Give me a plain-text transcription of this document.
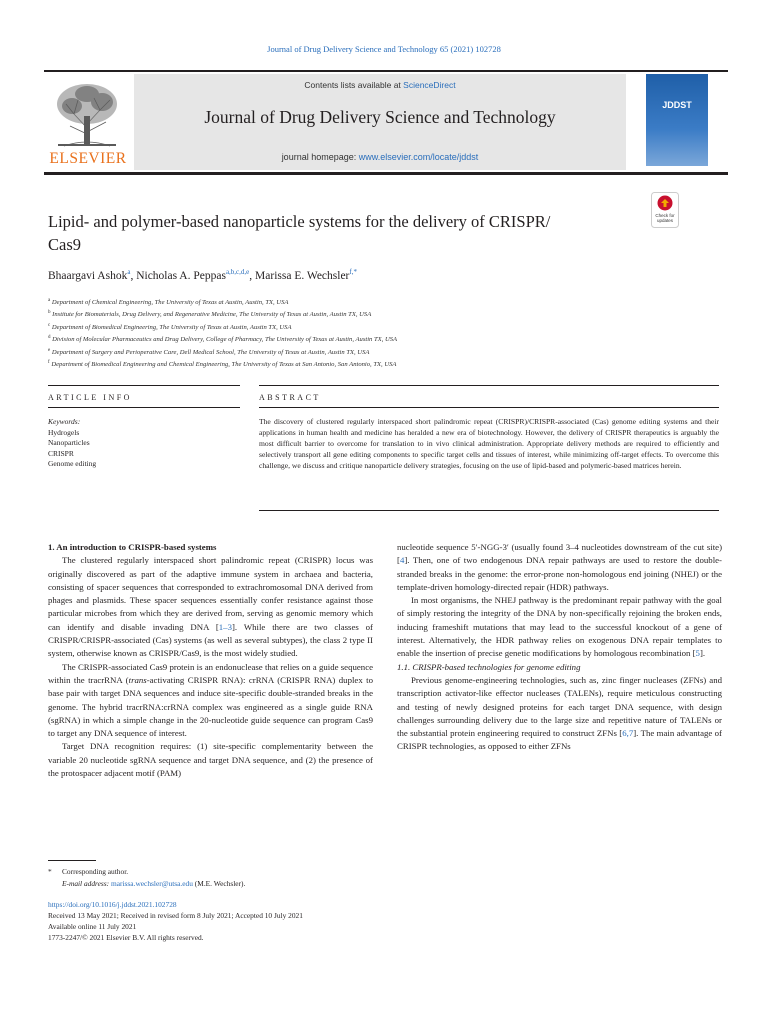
Journal of Drug Delivery Science and Technology 65 (2021) 102728
ELSEVIER
Contents lists available at ScienceDirect
Journal of Drug Delivery Science and Technology
journal homepage: www.elsevier.com/locate/jddst
JDDST
Check for updates
Lipid- and polymer-based nanoparticle systems for the delivery of CRISPR/
Cas9
Bhaargavi Ashok$^a$, Nicholas A. Peppas$^{a,b,c,d,e}$, Marissa E. Wechsler$^{f,*}$
$^a$ Department of Chemical Engineering, The University of Texas at Austin, Austin, TX, USA
$^b$ Institute for Biomaterials, Drug Delivery, and Regenerative Medicine, The University of Texas at Austin, Austin TX, USA
$^c$ Department of Biomedical Engineering, The University of Texas at Austin, Austin TX, USA
$^d$ Division of Molecular Pharmaceutics and Drug Delivery, College of Pharmacy, The University of Texas at Austin, Austin TX, USA
$^e$ Department of Surgery and Perioperative Care, Dell Medical School, The University of Texas at Austin, Austin TX, USA
$^f$ Department of Biomedical Engineering and Chemical Engineering, The University of Texas at San Antonio, San Antonio, TX, USA
ARTICLE INFO	ABSTRACT
Keywords:
Hydrogels
Nanoparticles
CRISPR
Genome editing
The discovery of clustered regularly interspaced short palindromic repeat (CRISPR)/CRISPR-associated (Cas) genome editing systems and their applications in human health and medicine has heralded a new era of biotechnology. However, the delivery of CRISPR therapeutics is arguably the most difficult barrier to overcome for translation to in vivo clinical administration. Appropriate delivery methods are required to efficiently and selectively transport all gene editing components to specific target cells and tissues of interest, while minimizing off-target effects. To overcome this challenge, we discuss and critique nanoparticle delivery strategies, focusing on the use of lipid-based and polymeric-based matrices herein.

1. An introduction to CRISPR-based systems

The clustered regularly interspaced short palindromic repeat (CRISPR) locus was originally discovered as part of the adaptive immune system in archaea and bacteria, consisting of spacer sequences that corresponded to extrachromosomal DNA derived from phages and plasmids. These spacer sequences essentially confer resistance against those particular microbes from which they are derived from, serving as genomic memory which can identify and disable invading DNA [1–3]. While there are two classes of CRISPR/CRISPR-associated (Cas) systems (as well as several subtypes), the class 2 type II system, otherwise known as CRISPR/Cas9, is the most widely studied.

The CRISPR-associated Cas9 protein is an endonuclease that relies on a guide sequence within the tracrRNA (trans-activating CRISPR RNA): crRNA (CRISPR RNA) duplex to base pair with target DNA sequences and induce site-specific double-stranded breaks in the genome. The hybrid tracrRNA:crRNA complex was engineered as a single guide RNA (sgRNA) in which a simple change in the 20-nucleotide guide sequence can program Cas9 to target any DNA sequence of interest.

Target DNA recognition requires: (1) site-specific complementarity between the variable 20 nucleotide sgRNA sequence and target DNA sequence, and (2) the presence of the protospacer adjacent motif (PAM)

nucleotide sequence 5′-NGG-3′ (usually found 3–4 nucleotides downstream of the cut site) [4]. Then, one of two endogenous DNA repair pathways are used to restore the double-stranded breaks in the genome: the error-prone non-homologous end joining (NHEJ) or the template-driven homology-directed repair (HDR) pathways.

In most organisms, the NHEJ pathway is the predominant repair pathway with the goal of simply restoring the integrity of the DNA by non-specifically rejoining the broken ends, inducing frameshift mutations that may lead to the successful knockout of a gene of interest. Alternatively, the HDR pathway relies on exogenous DNA repair templates to enable the insertion of precise genetic modifications by homologous recombination [5].

1.1. CRISPR-based technologies for genome editing

Previous genome-engineering technologies, such as, zinc finger nucleases (ZFNs) and transcription activator-like effector nucleases (TALENs), require meticulous constructing and testing of newly designed proteins for each target DNA sequence, with design challenges surrounding delivery due to the large size and repetitive nature of TALENs or the substantial protein engineering required to construct ZFNs [6,7]. The main advantage of CRISPR technologies, as opposed to either ZFNs

* Corresponding author.
E-mail address: marissa.wechsler@utsa.edu (M.E. Wechsler).
https://doi.org/10.1016/j.jddst.2021.102728
Received 13 May 2021; Received in revised form 8 July 2021; Accepted 10 July 2021
Available online 11 July 2021
1773-2247/© 2021 Elsevier B.V. All rights reserved.
